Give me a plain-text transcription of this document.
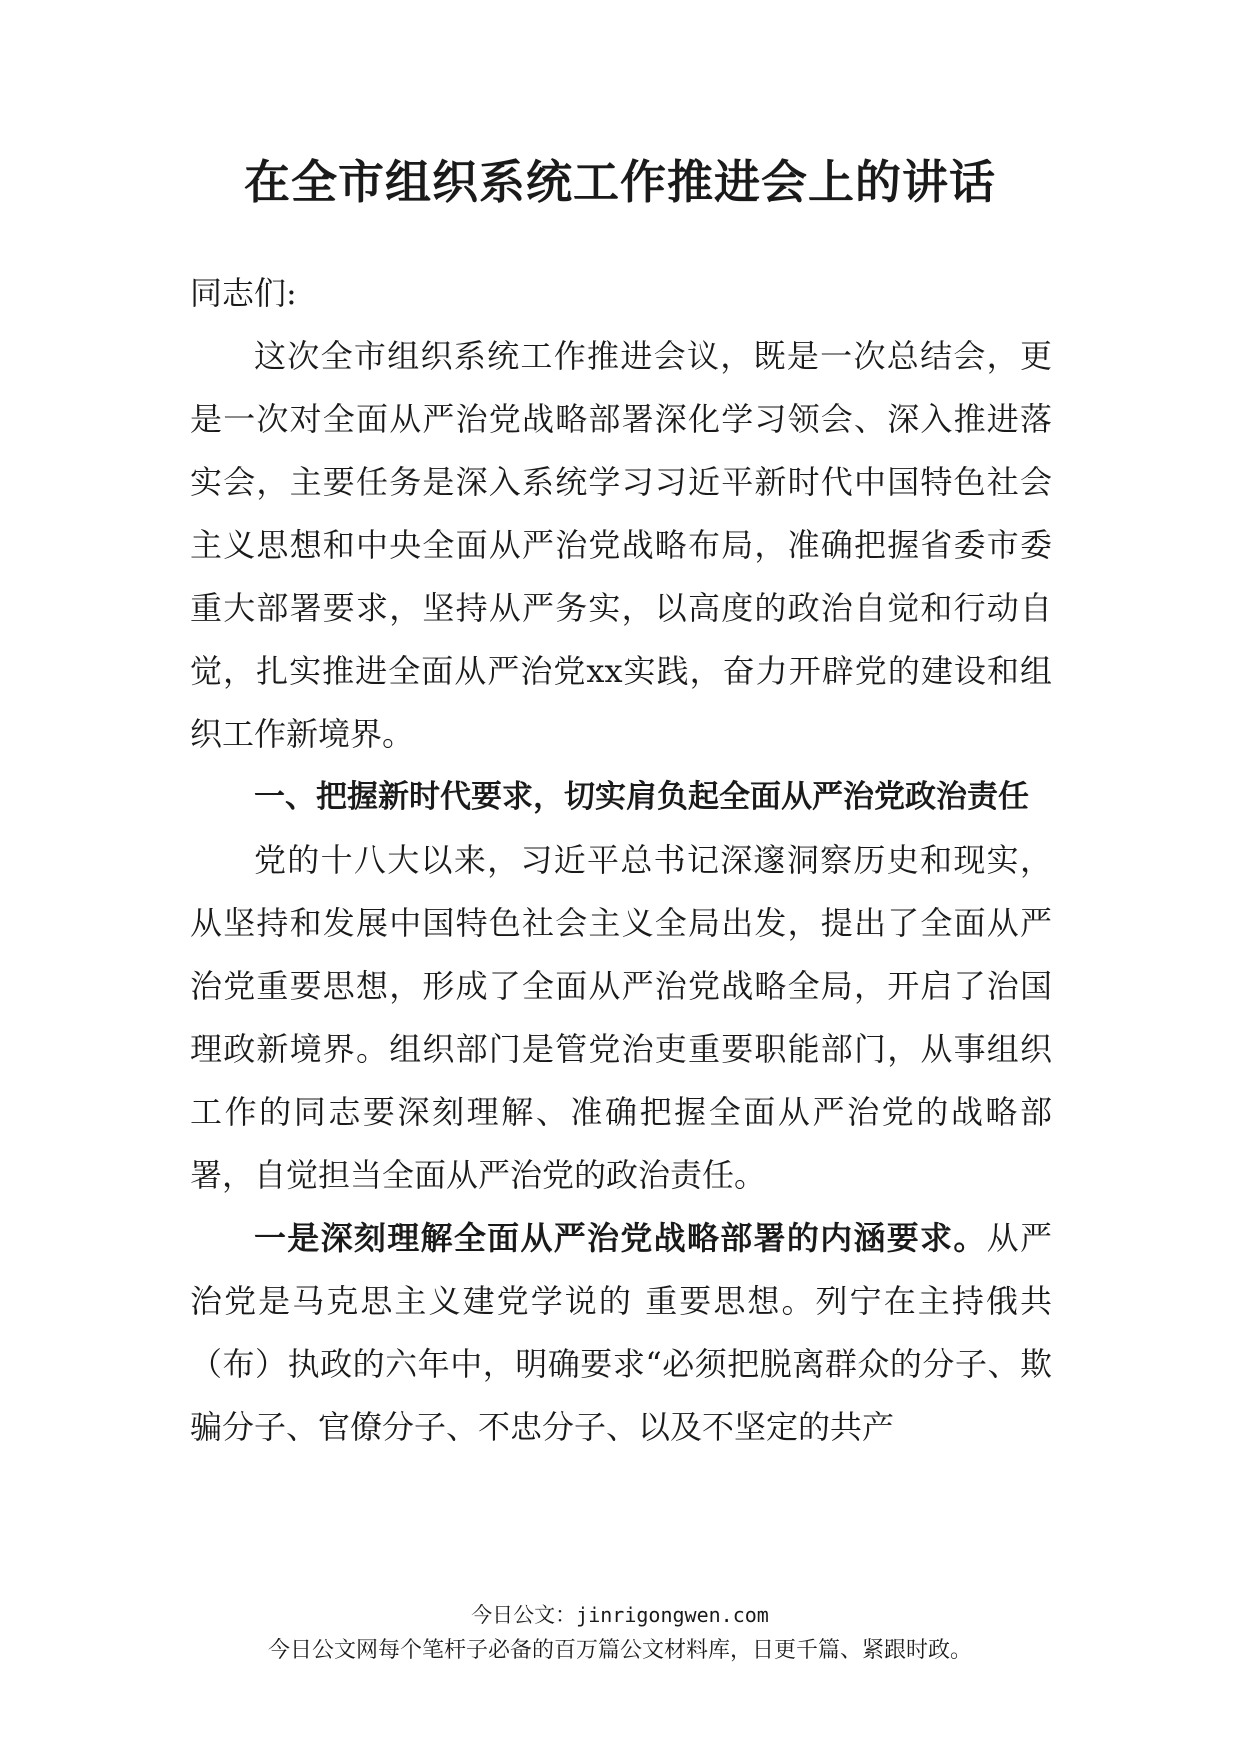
在全市组织系统工作推进会上的讲话

同志们:

这次全市组织系统工作推进会议，既是一次总结会，更是一次对全面从严治党战略部署深化学习领会、深入推进落实会，主要任务是深入系统学习习近平新时代中国特色社会主义思想和中央全面从严治党战略布局，准确把握省委市委重大部署要求，坚持从严务实，以高度的政治自觉和行动自觉，扎实推进全面从严治党xx实践，奋力开辟党的建设和组织工作新境界。

一、把握新时代要求，切实肩负起全面从严治党政治责任

党的十八大以来，习近平总书记深邃洞察历史和现实，从坚持和发展中国特色社会主义全局出发，提出了全面从严治党重要思想，形成了全面从严治党战略全局，开启了治国理政新境界。组织部门是管党治吏重要职能部门，从事组织工作的同志要深刻理解、准确把握全面从严治党的战略部署，自觉担当全面从严治党的政治责任。

一是深刻理解全面从严治党战略部署的内涵要求。从严治党是马克思主义建党学说的 重要思想。列宁在主持俄共（布）执政的六年中，明确要求“必须把脱离群众的分子、欺骗分子、官僚分子、不忠分子、以及不坚定的共产

今日公文：jinrigongwen.com
今日公文网每个笔杆子必备的百万篇公文材料库，日更千篇、紧跟时政。
